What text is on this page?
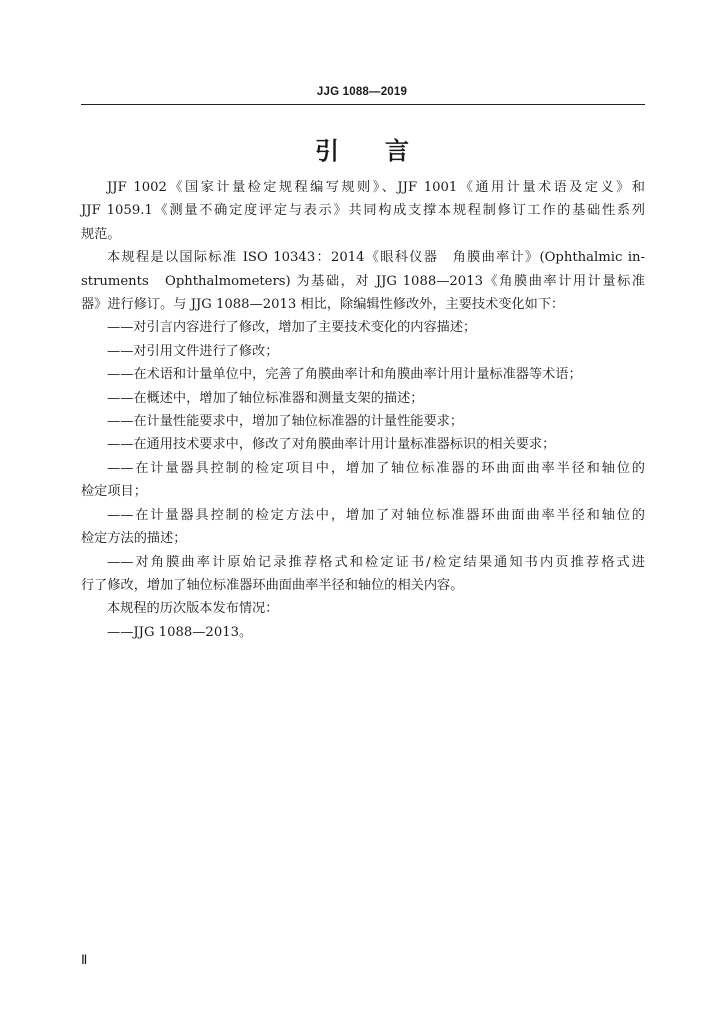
JJG 1088—2019
引 言

JJF 1002《国家计量检定规程编写规则》、JJF 1001《通用计量术语及定义》和

JJF 1059.1《测量不确定度评定与表示》共同构成支撑本规程制修订工作的基础性系列

规范。

本规程是以国际标准 ISO 10343：2014《眼科仪器　角膜曲率计》(Ophthalmic in-

struments　Ophthalmometers) 为基础，对 JJG 1088—2013《角膜曲率计用计量标准

器》进行修订。与 JJG 1088—2013 相比，除编辑性修改外，主要技术变化如下：

——对引言内容进行了修改，增加了主要技术变化的内容描述；

——对引用文件进行了修改；

——在术语和计量单位中，完善了角膜曲率计和角膜曲率计用计量标准器等术语；

——在概述中，增加了轴位标准器和测量支架的描述；

——在计量性能要求中，增加了轴位标准器的计量性能要求；

——在通用技术要求中，修改了对角膜曲率计用计量标准器标识的相关要求；

——在计量器具控制的检定项目中，增加了轴位标准器的环曲面曲率半径和轴位的

检定项目；

——在计量器具控制的检定方法中，增加了对轴位标准器环曲面曲率半径和轴位的

检定方法的描述；

——对角膜曲率计原始记录推荐格式和检定证书/检定结果通知书内页推荐格式进

行了修改，增加了轴位标准器环曲面曲率半径和轴位的相关内容。

本规程的历次版本发布情况：

——JJG 1088—2013。

Ⅱ
